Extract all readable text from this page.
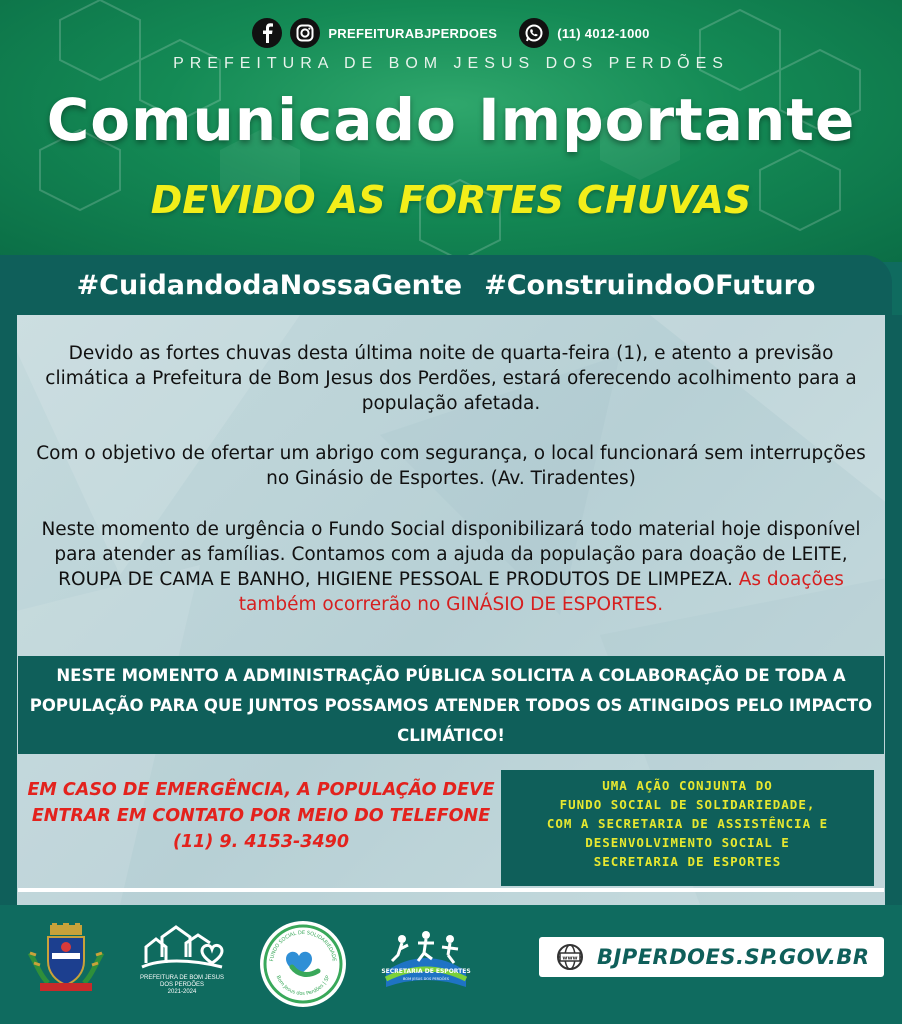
PREFEITURABJPERDOES	(11) 4012-1000
PREFEITURA DE BOM JESUS DOS PERDÕES
Comunicado Importante
DEVIDO AS FORTES CHUVAS
#CuidandodaNossaGente #ConstruindoOFuturo
Devido as fortes chuvas desta última noite de quarta-feira (1), e atento a previsão climática a Prefeitura de Bom Jesus dos Perdões, estará oferecendo acolhimento para a população afetada.
Com o objetivo de ofertar um abrigo com segurança, o local funcionará sem interrupções no Ginásio de Esportes. (Av. Tiradentes)
Neste momento de urgência o Fundo Social disponibilizará todo material hoje disponível para atender as famílias. Contamos com a ajuda da população para doação de LEITE, ROUPA DE CAMA E BANHO, HIGIENE PESSOAL E PRODUTOS DE LIMPEZA. As doações também ocorrerão no GINÁSIO DE ESPORTES.
NESTE MOMENTO A ADMINISTRAÇÃO PÚBLICA SOLICITA A COLABORAÇÃO DE TODA A POPULAÇÃO PARA QUE JUNTOS POSSAMOS ATENDER TODOS OS ATINGIDOS PELO IMPACTO CLIMÁTICO!
EM CASO DE EMERGÊNCIA, A POPULAÇÃO DEVE ENTRAR EM CONTATO POR MEIO DO TELEFONE
(11) 9. 4153-3490
UMA AÇÃO CONJUNTA DO
FUNDO SOCIAL DE SOLIDARIEDADE,
COM A SECRETARIA DE ASSISTÊNCIA E
DESENVOLVIMENTO SOCIAL E
SECRETARIA DE ESPORTES
PREFEITURA DE BOM JESUS DOS PERDÕES
2021-2024
FUNDO SOCIAL DE SOLIDARIEDADE
Bom Jesus dos Perdões | SP
SECRETARIA DE ESPORTES
BOM JESUS DOS PERDÕES
www BJPERDOES.SP.GOV.BR
